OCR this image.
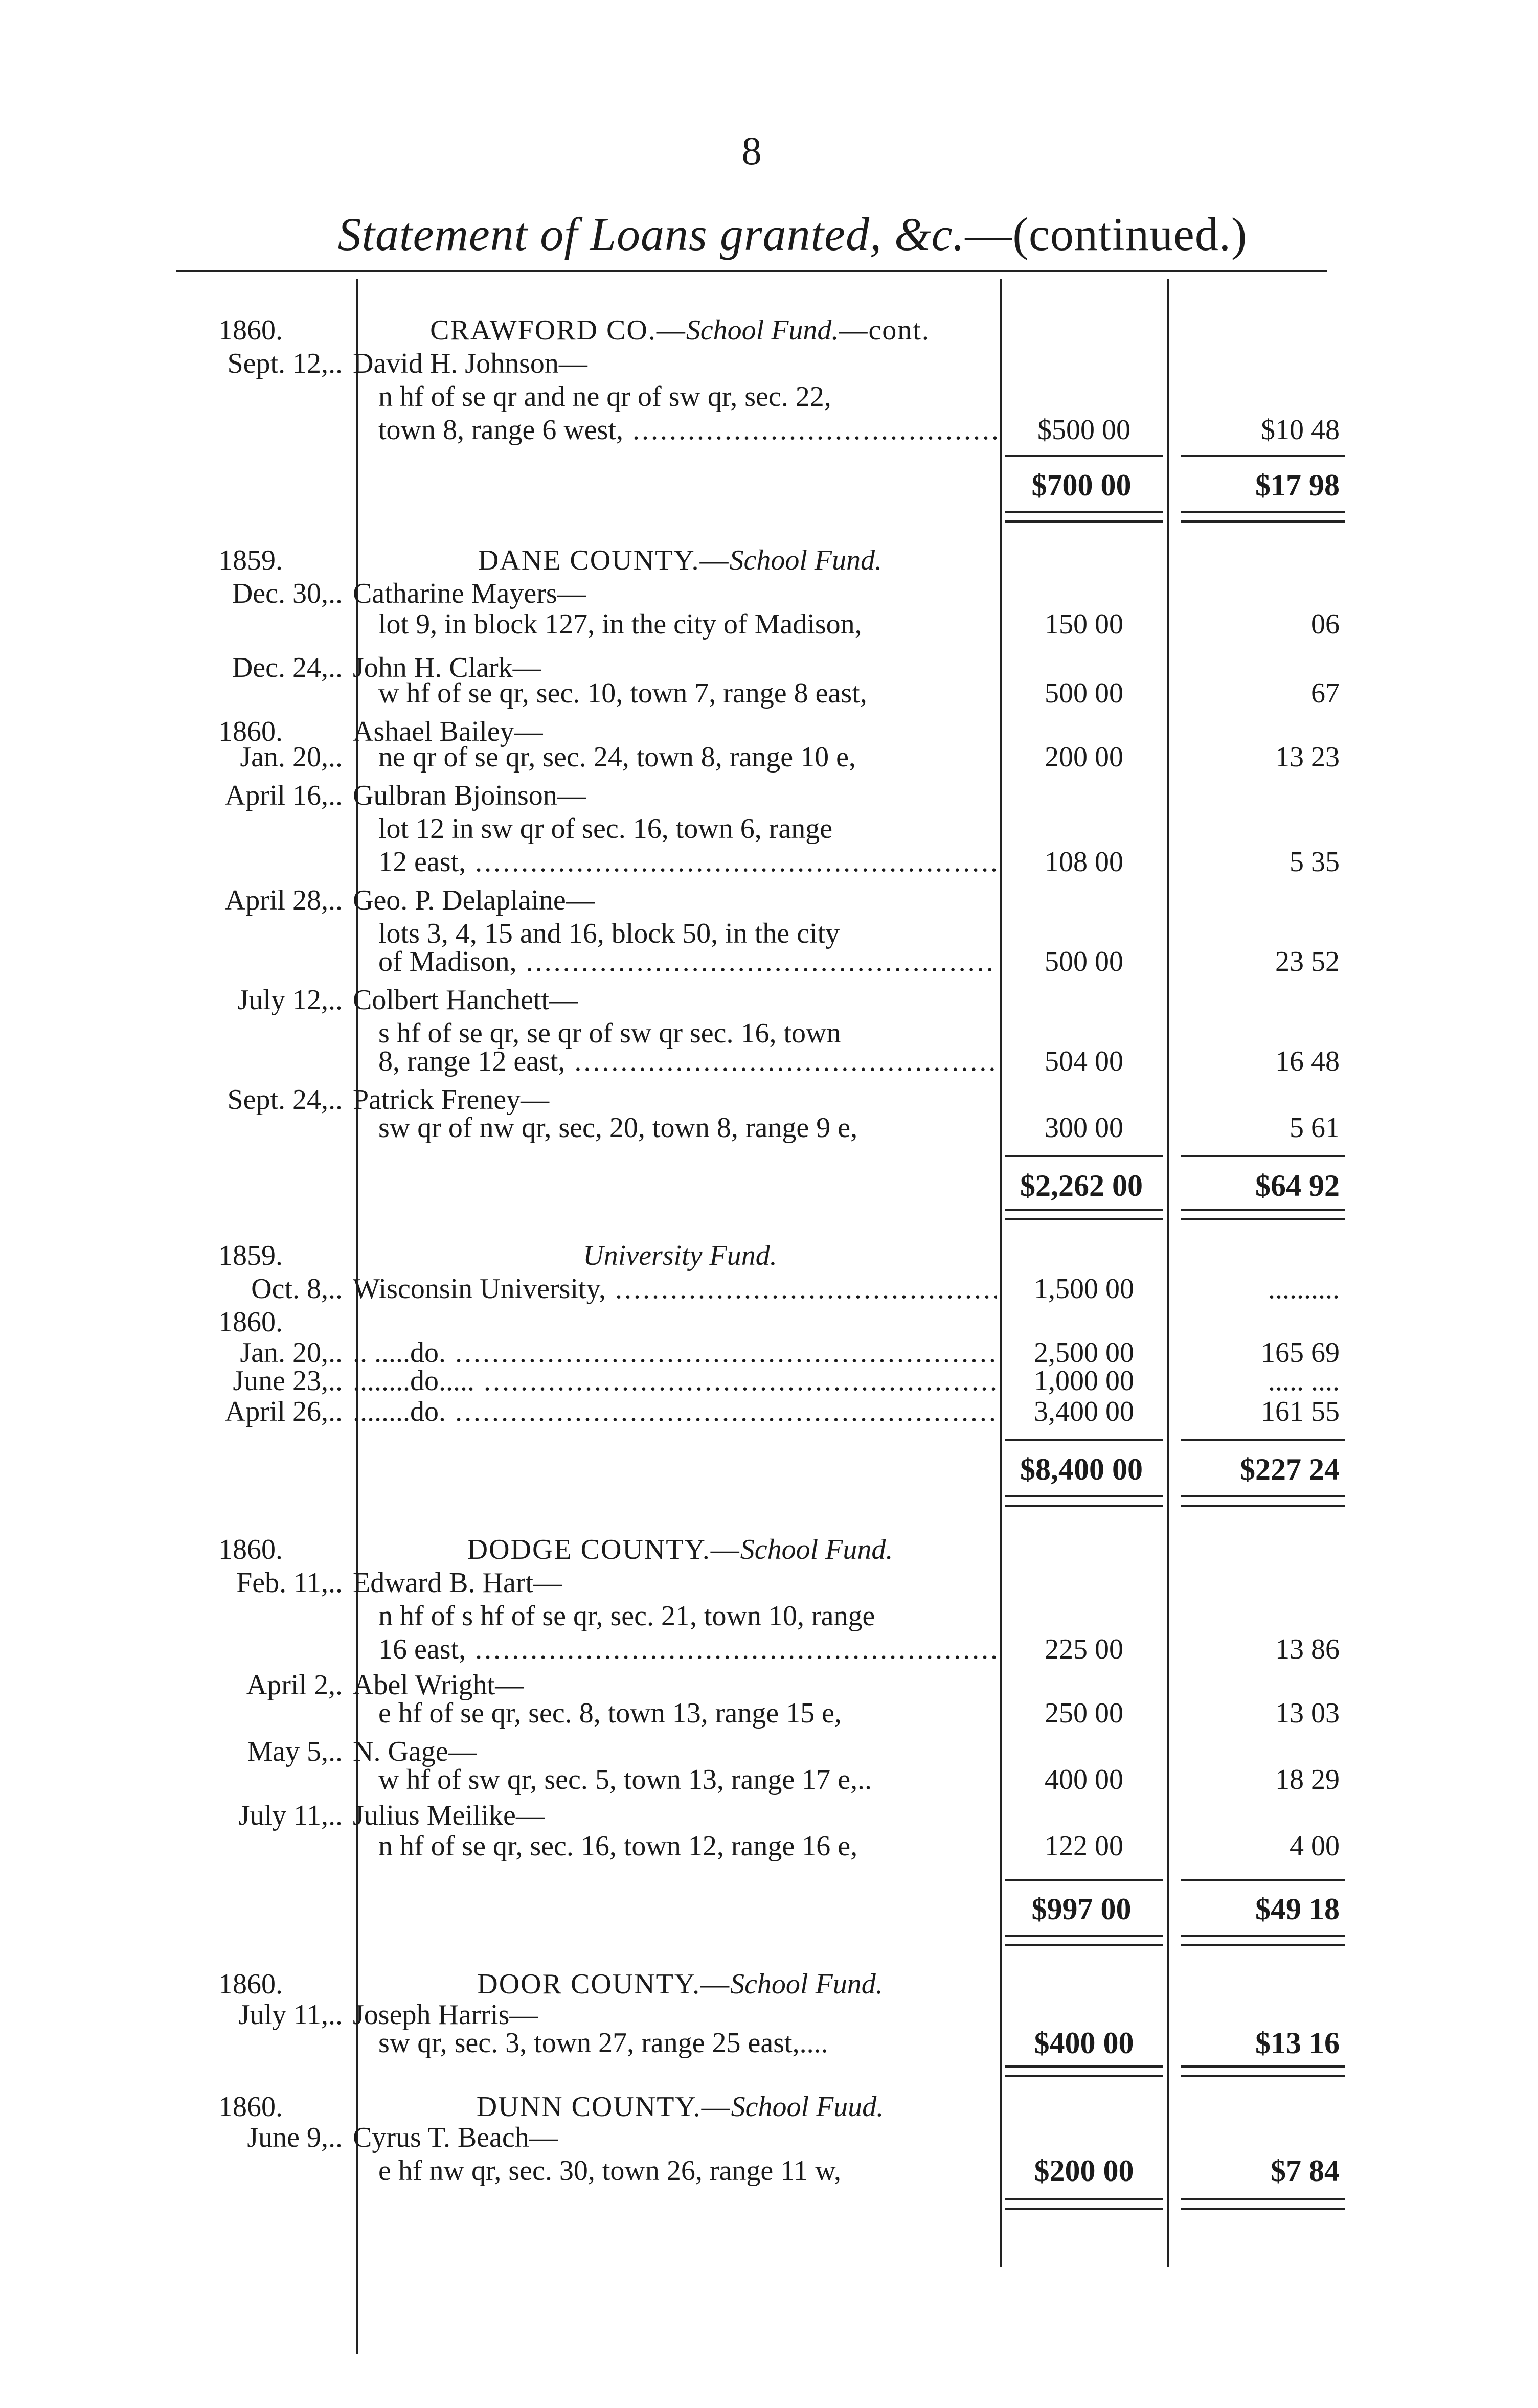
8
Statement of Loans granted, &c.—(continued.)
1860.	CRAWFORD CO.—School Fund.—cont.
Sept. 12,.. David H. Johnson—
n hf of se qr and ne qr of sw qr, sec. 22,
town 8, range 6 west, .....	$500 00	$10 48
$700 00	$17 98
1859.	DANE COUNTY.—School Fund.
Dec. 30,.. Catharine Mayers—
lot 9, in block 127, in the city of Madison,	150 00	06
Dec. 24,.. John H. Clark—
w hf of se qr, sec. 10, town 7, range 8 east,	500 00	67
1860.	Ashael Bailey—
Jan. 20,.. ne qr of se qr, sec. 24, town 8, range 10 e,	200 00	13 23
April 16,.. Gulbran Bjoinson—
lot 12 in sw qr of sec. 16, town 6, range
12 east, .....	108 00	5 35
April 28,.. Geo. P. Delaplaine—
lots 3, 4, 15 and 16, block 50, in the city
of Madison, .....	500 00	23 52
July 12,.. Colbert Hanchett—
s hf of se qr, se qr of sw qr sec. 16, town
8, range 12 east, .....	504 00	16 48
Sept. 24,.. Patrick Freney—
sw qr of nw qr, sec, 20, town 8, range 9 e,	300 00	5 61
$2,262 00	$64 92
1859.	University Fund.
Oct. 8,.. Wisconsin University, .....	1,500 00	..........
1860.
Jan. 20,.. .. .....do. .....	2,500 00	165 69
June 23,.. ........do..... .....	1,000 00	..... ....
April 26,.. ........do. .....	3,400 00	161 55
$8,400 00	$227 24
1860.	DODGE COUNTY.—School Fund.
Feb. 11,.. Edward B. Hart—
n hf of s hf of se qr, sec. 21, town 10, range
16 east, .....	225 00	13 86
April 2,. Abel Wright—
e hf of se qr, sec. 8, town 13, range 15 e,	250 00	13 03
May 5,.. N. Gage—
w hf of sw qr, sec. 5, town 13, range 17 e,..	400 00	18 29
July 11,.. Julius Meilike—
n hf of se qr, sec. 16, town 12, range 16 e,	122 00	4 00
$997 00	$49 18
1860.	DOOR COUNTY.—School Fund.
July 11,.. Joseph Harris—
sw qr, sec. 3, town 27, range 25 east,....	$400 00	$13 16
1860.	DUNN COUNTY.—School Fuud.
June 9,.. Cyrus T. Beach—
e hf nw qr, sec. 30, town 26, range 11 w,	$200 00	$7 84
